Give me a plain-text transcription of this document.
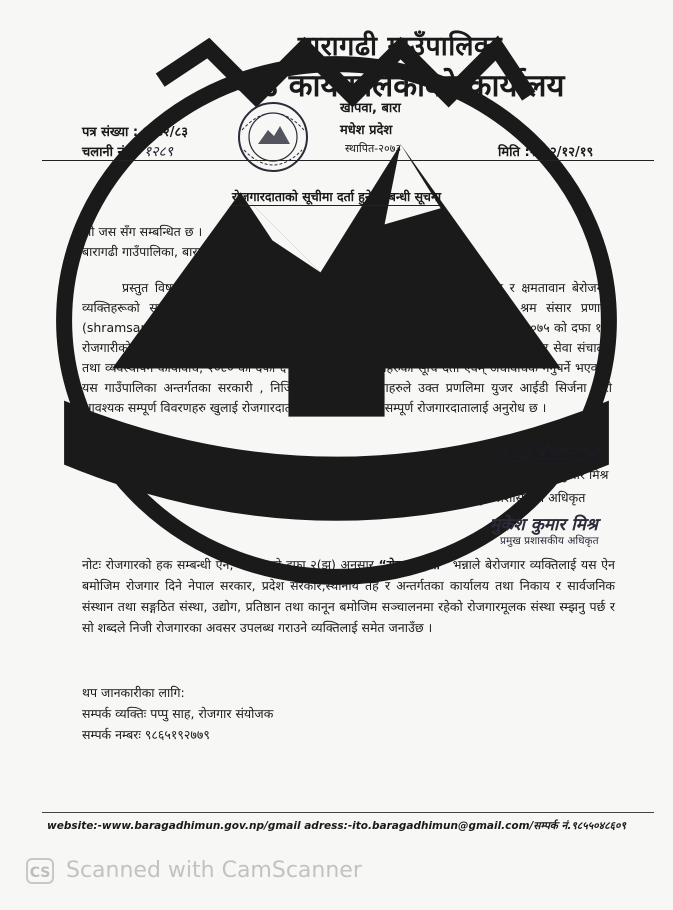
बारागढी गाउँपालिका
गाउँ कार्यपालिकाको कार्यालय
खोपवा, बारा
मधेश प्रदेश
स्थापित-२०७३
पत्र संख्या : २०८२/८३
चलानी नं. : १२८९	मिति :२०८२/१२/१९
रोजगारदाताको सूचीमा दर्ता हुने सम्बन्धी सूचना
जो जस सँग सम्बन्धित छ ।
बारागढी गाउँपालिका, बारा
प्रस्तुत विषयमा उपलब्ध आन्तरिक रोजगारीका अवसरहरूमा सीपयुक्त, योग्य, दक्ष र क्षमतावान बेरोजगार व्यक्तिहरूको सहज पहुँच कायम गर्न श्रम, रोजगार तथा सामाजिक सुरक्षा मन्त्रालयले श्रम संसार प्रणाली (shramsansar.gov.np) वेबपोर्टल कार्यान्वयनमा ल्याएको हुँदा रोजगारीको हक सम्बन्धी ऐन, २०७५ को दफा १३, रोजगारीको हक सम्बन्धी नियमावली, २०७५ (दोस्रो संशोधन) को नियम ९ र एकीकृत श्रम तथा रोजगार सेवा संचालन तथा व्यवस्थापन कार्यविधि, २०८० को दफा ६ बमोजिम रोजगारदाताहरुको सूचि दर्ता एवम् अधावधिक गनुपर्ने भएकाले यस गाउँपालिका अन्तर्गतका सरकारी , निजि क्षेत्रका रोजगारदाताहरुले उक्त प्रणलिमा युजर आईडी सिर्जना गारी आवश्यक सम्पूर्ण विवरणहरु खुलाई रोजगारदाताको सूचिमा दर्ता हुन सम्पूर्ण रोजगारदातालाई अनुरोध छ ।
मुकेश कुमार मिश्र
प्रमुख प्रशासकीय अधिकृत
मुकेश कुमार मिश्र
प्रमुख प्रशासकीय अधिकृत
नोटः रोजगारको हक सम्बन्धी ऐन, २०७५ को दफा २(झ) अनुसार “रोजगारदाता” भन्नाले बेरोजगार व्यक्तिलाई यस ऐन बमोजिम रोजगार दिने नेपाल सरकार, प्रदेश सरकार,स्थानीय तह र अन्तर्गतका कार्यालय तथा निकाय र सार्वजनिक संस्थान तथा सङ्गठित संस्था, उद्योग, प्रतिष्ठान तथा कानून बमोजिम सञ्चालनमा रहेको रोजगारमूलक संस्था स्म्झनु पर्छ र सो शब्दले निजी रोजगारका अवसर उपलब्ध गराउने व्यक्तिलाई समेत जनाउँछ ।
थप जानकारीका लागि:
सम्पर्क व्यक्तिः पप्पु साह, रोजगार संयोजक
सम्पर्क नम्बरः ९८६५१९२७७९
website:-www.baragadhimun.gov.np/gmail adress:-ito.baragadhimun@gmail.com/सम्पर्क नं.९८५५०४८६०९
CS Scanned with CamScanner
